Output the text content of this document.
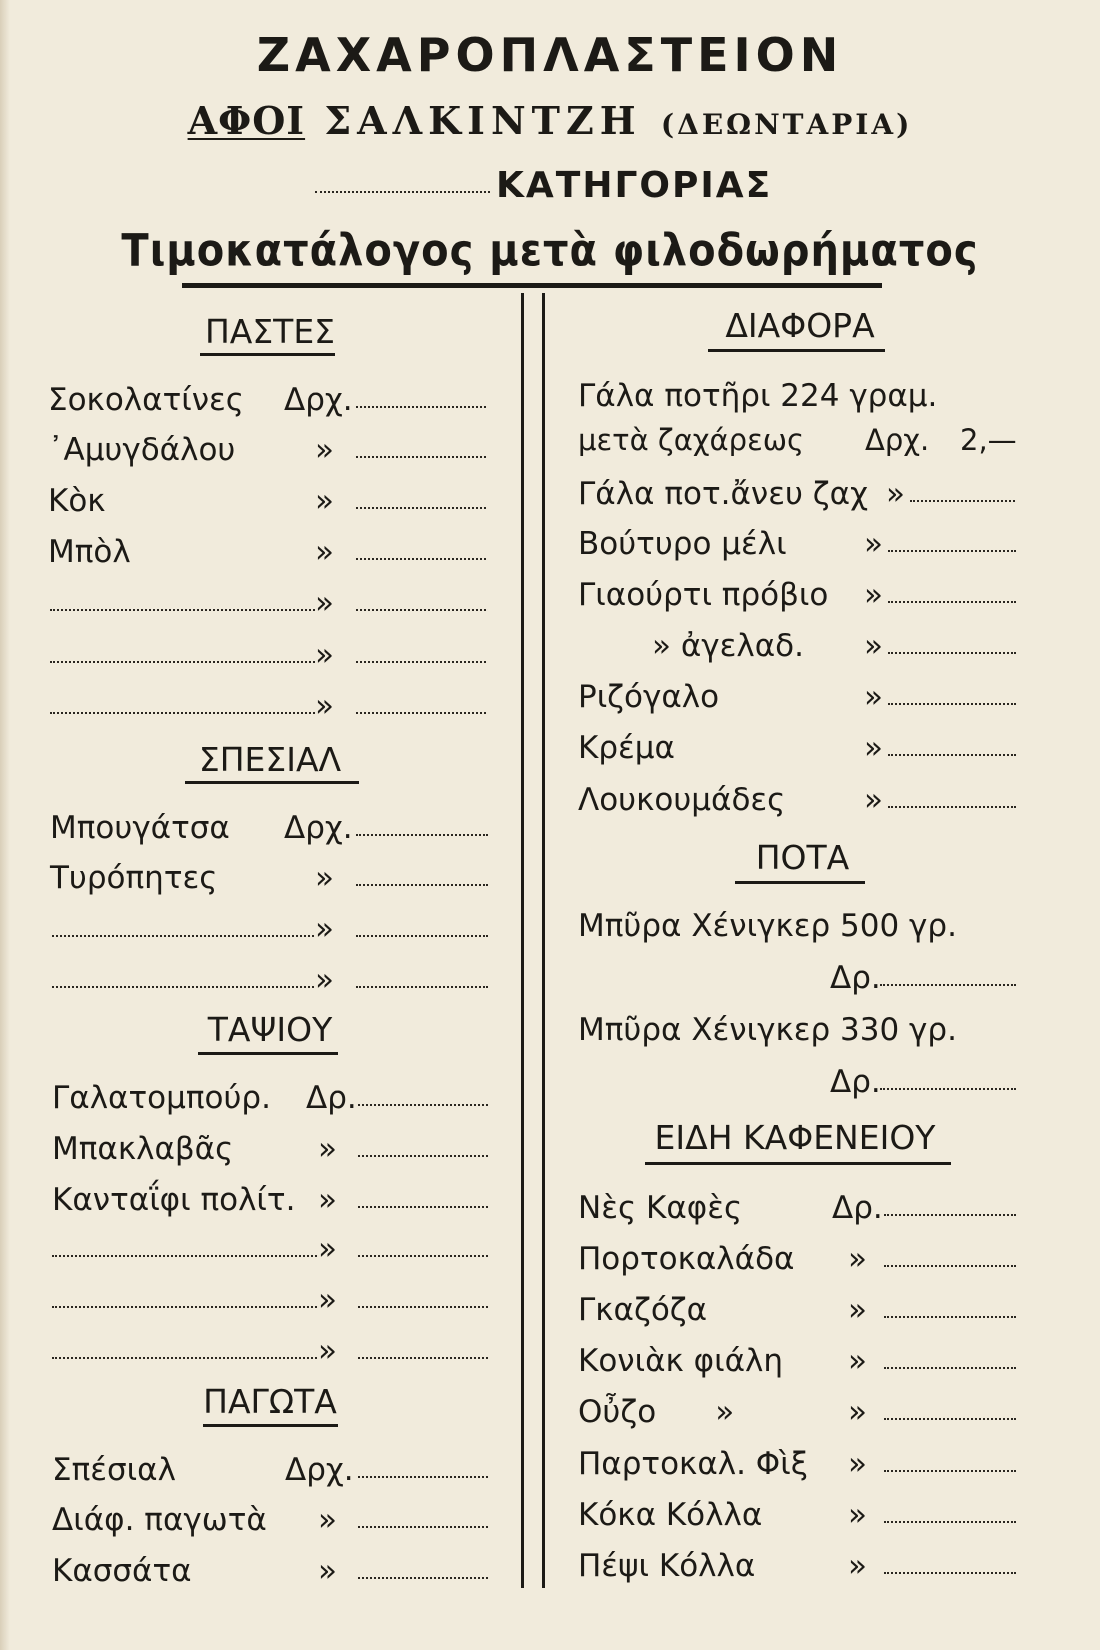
ΖΑΧΑΡΟΠΛΑΣΤΕΙΟΝ
ΑΦΟΙ ΣΑΛΚΙΝΤΖΗ (ΔΕΩΝΤΑΡΙΑ)
ΚΑΤΗΓΟΡΙΑΣ
Τιμοκατάλογος μετὰ φιλοδωρήματος
ΠΑΣΤΕΣ
Σοκολατίνες Δρχ.
᾿Αμυγδάλου	»
Κὸκ	»
Μπὸλ	»
»
»
»
ΣΠΕΣΙΑΛ
Μπουγάτσα Δρχ.
Τυρόπητες	»
»
»
ΤΑΨΙΟΥ
Γαλατομπούρ. Δρ.
Μπακλαβᾶς	»
Κανταΐφι πολίτ. »
»
»
»
ΠΑΓΩΤΑ
Σπέσιαλ	Δρχ.
Διάφ. παγωτὰ »
Κασσάτα	»
ΔΙΑΦΟΡΑ
Γάλα ποτῆρι 224 γραμ.
μετὰ ζαχάρεως Δρχ. 2,—
Γάλα ποτ.ἄνευ ζαχ »
Βούτυρο μέλι »
Γιαούρτι πρόβιο »
» ἀγελαδ. »
Ριζόγαλο	»
Κρέμα	»
Λουκουμάδες	»
ΠΟΤΑ
Μπῦρα Χένιγκερ 500 γρ.
Δρ.
Μπῦρα Χένιγκερ 330 γρ.
Δρ.
ΕΙΔΗ ΚΑΦΕΝΕΙΟΥ
Νὲς Καφὲς	Δρ.
Πορτοκαλάδα »
Γκαζόζα	»
Κονιὰκ φιάλη »
Οὖζο      »	»
Παρτοκαλ. Φὶξ »
Κόκα Κόλλα	»
Πέψι Κόλλα	»
